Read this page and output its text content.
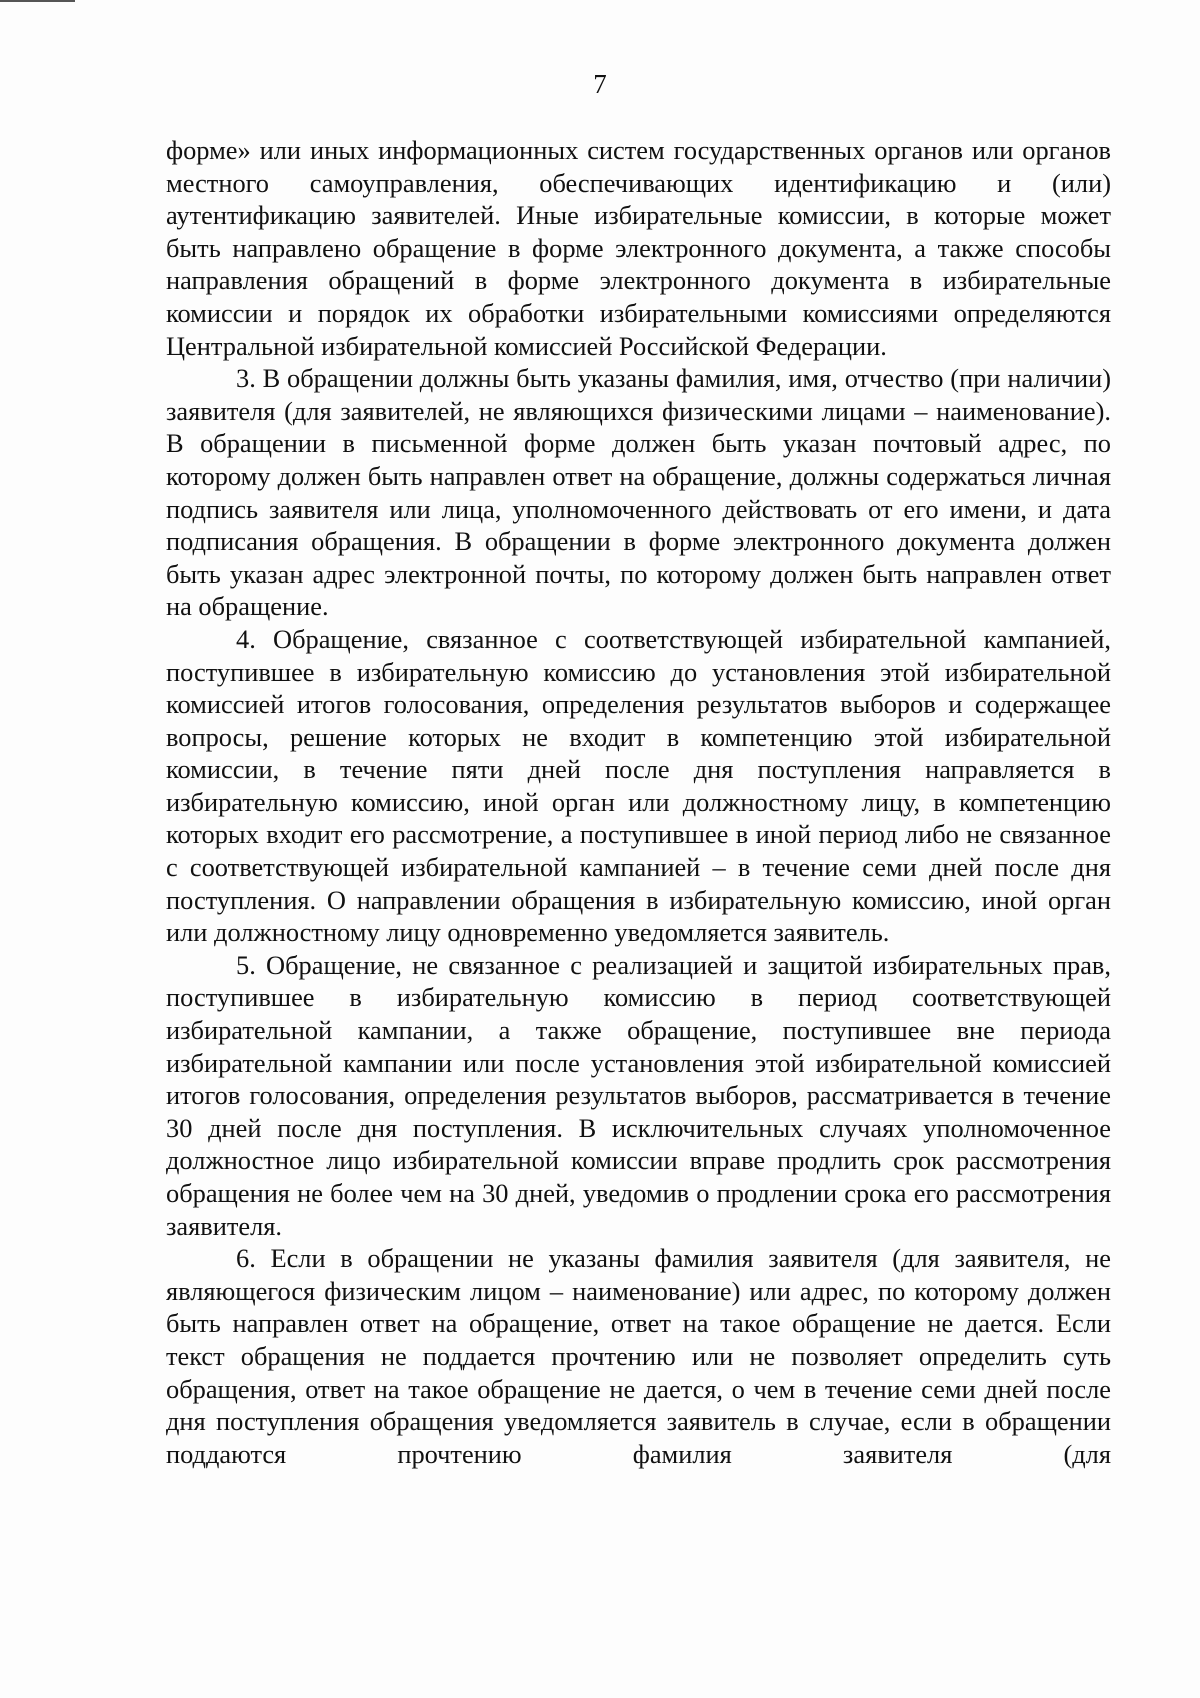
7

форме» или иных информационных систем государственных органов или органов местного самоуправления, обеспечивающих идентификацию и (или) аутентификацию заявителей. Иные избирательные комиссии, в которые может быть направлено обращение в форме электронного документа, а также способы направления обращений в форме электронного документа в избирательные комиссии и порядок их обработки избирательными комиссиями определяются Центральной избирательной комиссией Российской Федерации.

3. В обращении должны быть указаны фамилия, имя, отчество (при наличии) заявителя (для заявителей, не являющихся физическими лицами – наименование). В обращении в письменной форме должен быть указан почтовый адрес, по которому должен быть направлен ответ на обращение, должны содержаться личная подпись заявителя или лица, уполномоченного действовать от его имени, и дата подписания обращения. В обращении в форме электронного документа должен быть указан адрес электронной почты, по которому должен быть направлен ответ на обращение.

4. Обращение, связанное с соответствующей избирательной кампанией, поступившее в избирательную комиссию до установления этой избирательной комиссией итогов голосования, определения результатов выборов и содержащее вопросы, решение которых не входит в компетенцию этой избирательной комиссии, в течение пяти дней после дня поступления направляется в избирательную комиссию, иной орган или должностному лицу, в компетенцию которых входит его рассмотрение, а поступившее в иной период либо не связанное с соответствующей избирательной кампанией – в течение семи дней после дня поступления. О направлении обращения в избирательную комиссию, иной орган или должностному лицу одновременно уведомляется заявитель.

5. Обращение, не связанное с реализацией и защитой избирательных прав, поступившее в избирательную комиссию в период соответствующей избирательной кампании, а также обращение, поступившее вне периода избирательной кампании или после установления этой избирательной комиссией итогов голосования, определения результатов выборов, рассматривается в течение 30 дней после дня поступления. В исключительных случаях уполномоченное должностное лицо избирательной комиссии вправе продлить срок рассмотрения обращения не более чем на 30 дней, уведомив о продлении срока его рассмотрения заявителя.

6. Если в обращении не указаны фамилия заявителя (для заявителя, не являющегося физическим лицом – наименование) или адрес, по которому должен быть направлен ответ на обращение, ответ на такое обращение не дается. Если текст обращения не поддается прочтению или не позволяет определить суть обращения, ответ на такое обращение не дается, о чем в течение семи дней после дня поступления обращения уведомляется заявитель в случае, если в обращении поддаются прочтению фамилия заявителя (для
